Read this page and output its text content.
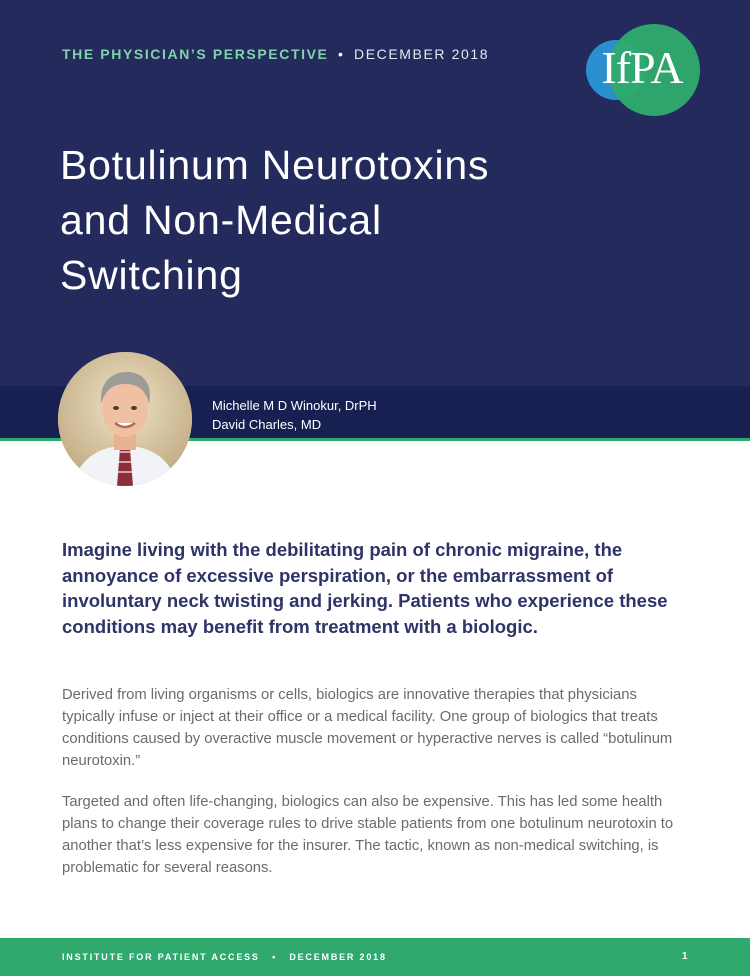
THE PHYSICIAN’S PERSPECTIVE • DECEMBER 2018	IfPA
Botulinum Neurotoxins
and Non-Medical
Switching
Michelle M D Winokur, DrPH
David Charles, MD

Imagine living with the debilitating pain of chronic migraine, the annoyance of excessive perspiration, or the embarrassment of involuntary neck twisting and jerking. Patients who experience these conditions may benefit from treatment with a biologic.

Derived from living organisms or cells, biologics are innovative therapies that physicians typically infuse or inject at their office or a medical facility. One group of biologics that treats conditions caused by overactive muscle movement or hyperactive nerves is called “botulinum neurotoxin.”

Targeted and often life-changing, biologics can also be expensive. This has led some health plans to change their coverage rules to drive stable patients from one botulinum neurotoxin to another that’s less expensive for the insurer. The tactic, known as non-medical switching, is problematic for several reasons.

INSTITUTE FOR PATIENT ACCESS • DECEMBER 2018	1
